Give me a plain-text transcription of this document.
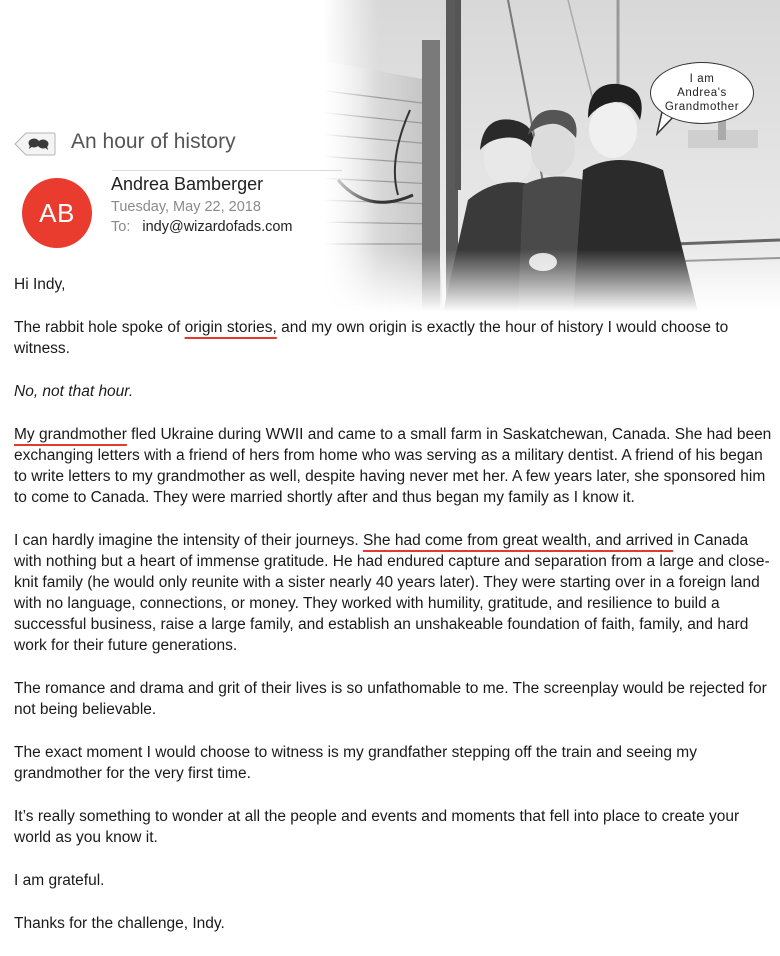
I am
Andrea's
Grandmother
An hour of history
AB
Andrea Bamberger
Tuesday, May 22, 2018
To: indy@wizardofads.com

Hi Indy,

The rabbit hole spoke of origin stories, and my own origin is exactly the hour of history I would choose to witness.

No, not that hour.

My grandmother fled Ukraine during WWII and came to a small farm in Saskatchewan, Canada. She had been exchanging letters with a friend of hers from home who was serving as a military dentist. A friend of his began to write letters to my grandmother as well, despite having never met her. A few years later, she sponsored him to come to Canada. They were married shortly after and thus began my family as I know it.

I can hardly imagine the intensity of their journeys. She had come from great wealth, and arrived in Canada with nothing but a heart of immense gratitude. He had endured capture and separation from a large and close-knit family (he would only reunite with a sister nearly 40 years later). They were starting over in a foreign land with no language, connections, or money. They worked with humility, gratitude, and resilience to build a successful business, raise a large family, and establish an unshakeable foundation of faith, family, and hard work for their future generations.

The romance and drama and grit of their lives is so unfathomable to me. The screenplay would be rejected for not being believable.

The exact moment I would choose to witness is my grandfather stepping off the train and seeing my grandmother for the very first time.

It’s really something to wonder at all the people and events and moments that fell into place to create your world as you know it.

I am grateful.

Thanks for the challenge, Indy.
